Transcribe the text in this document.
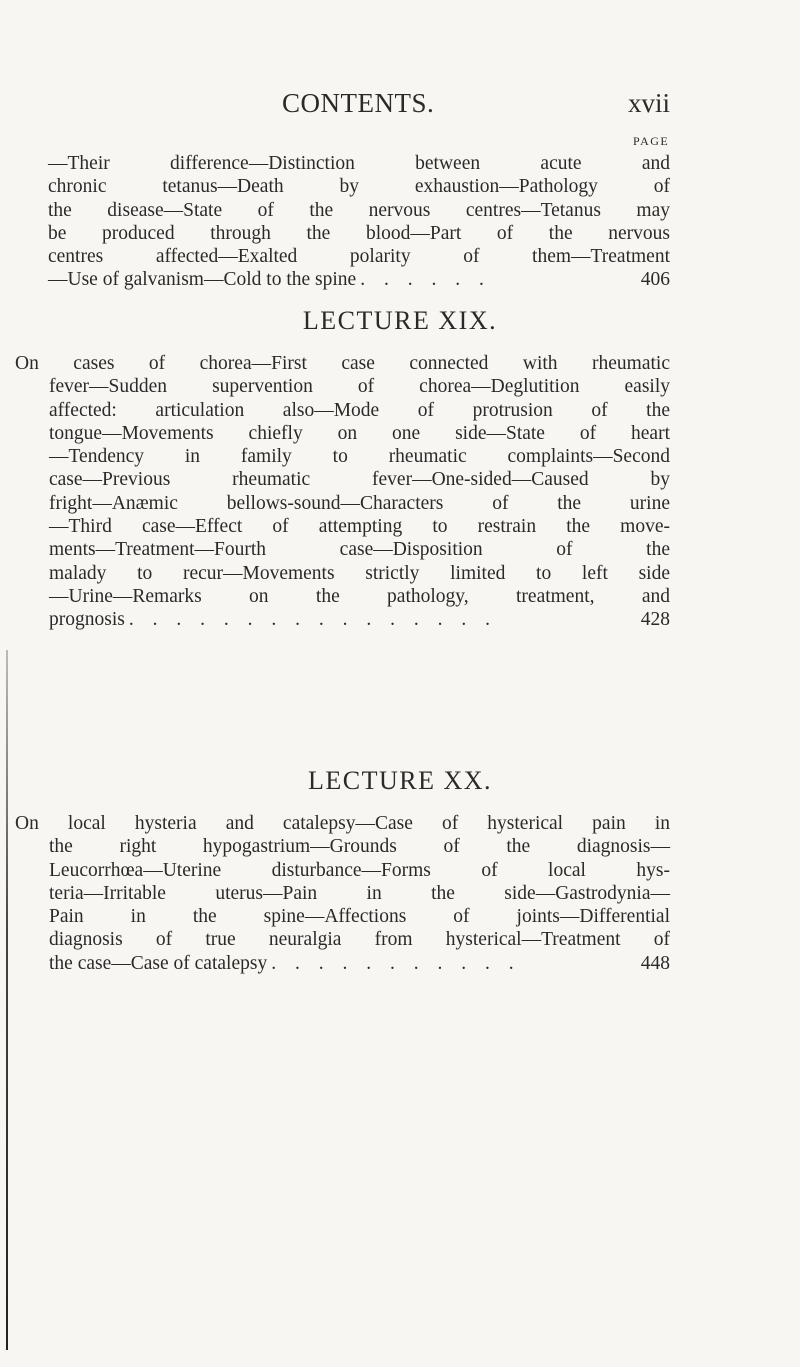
CONTENTS.	xvii
PAGE
—Their difference—Distinction between acute and
chronic tetanus—Death by exhaustion—Pathology of
the disease—State of the nervous centres—Tetanus may
be produced through the blood—Part of the nervous
centres affected—Exalted polarity of them—Treatment
—Use of galvanism—Cold to the spine . . . . . .	406
LECTURE XIX.
On cases of chorea—First case connected with rheumatic
fever—Sudden supervention of chorea—Deglutition easily
affected: articulation also—Mode of protrusion of the
tongue—Movements chiefly on one side—State of heart
—Tendency in family to rheumatic complaints—Second
case—Previous rheumatic fever—One-sided—Caused by
fright—Anæmic bellows-sound—Characters of the urine
—Third case—Effect of attempting to restrain the move-
ments—Treatment—Fourth case—Disposition of the
malady to recur—Movements strictly limited to left side
—Urine—Remarks on the pathology, treatment, and
prognosis . . . . . . . . . . . . . . . .	428
LECTURE XX.
On local hysteria and catalepsy—Case of hysterical pain in
the right hypogastrium—Grounds of the diagnosis—
Leucorrhœa—Uterine disturbance—Forms of local hys-
teria—Irritable uterus—Pain in the side—Gastrodynia—
Pain in the spine—Affections of joints—Differential
diagnosis of true neuralgia from hysterical—Treatment of
the case—Case of catalepsy . . . . . . . . . . .	448
